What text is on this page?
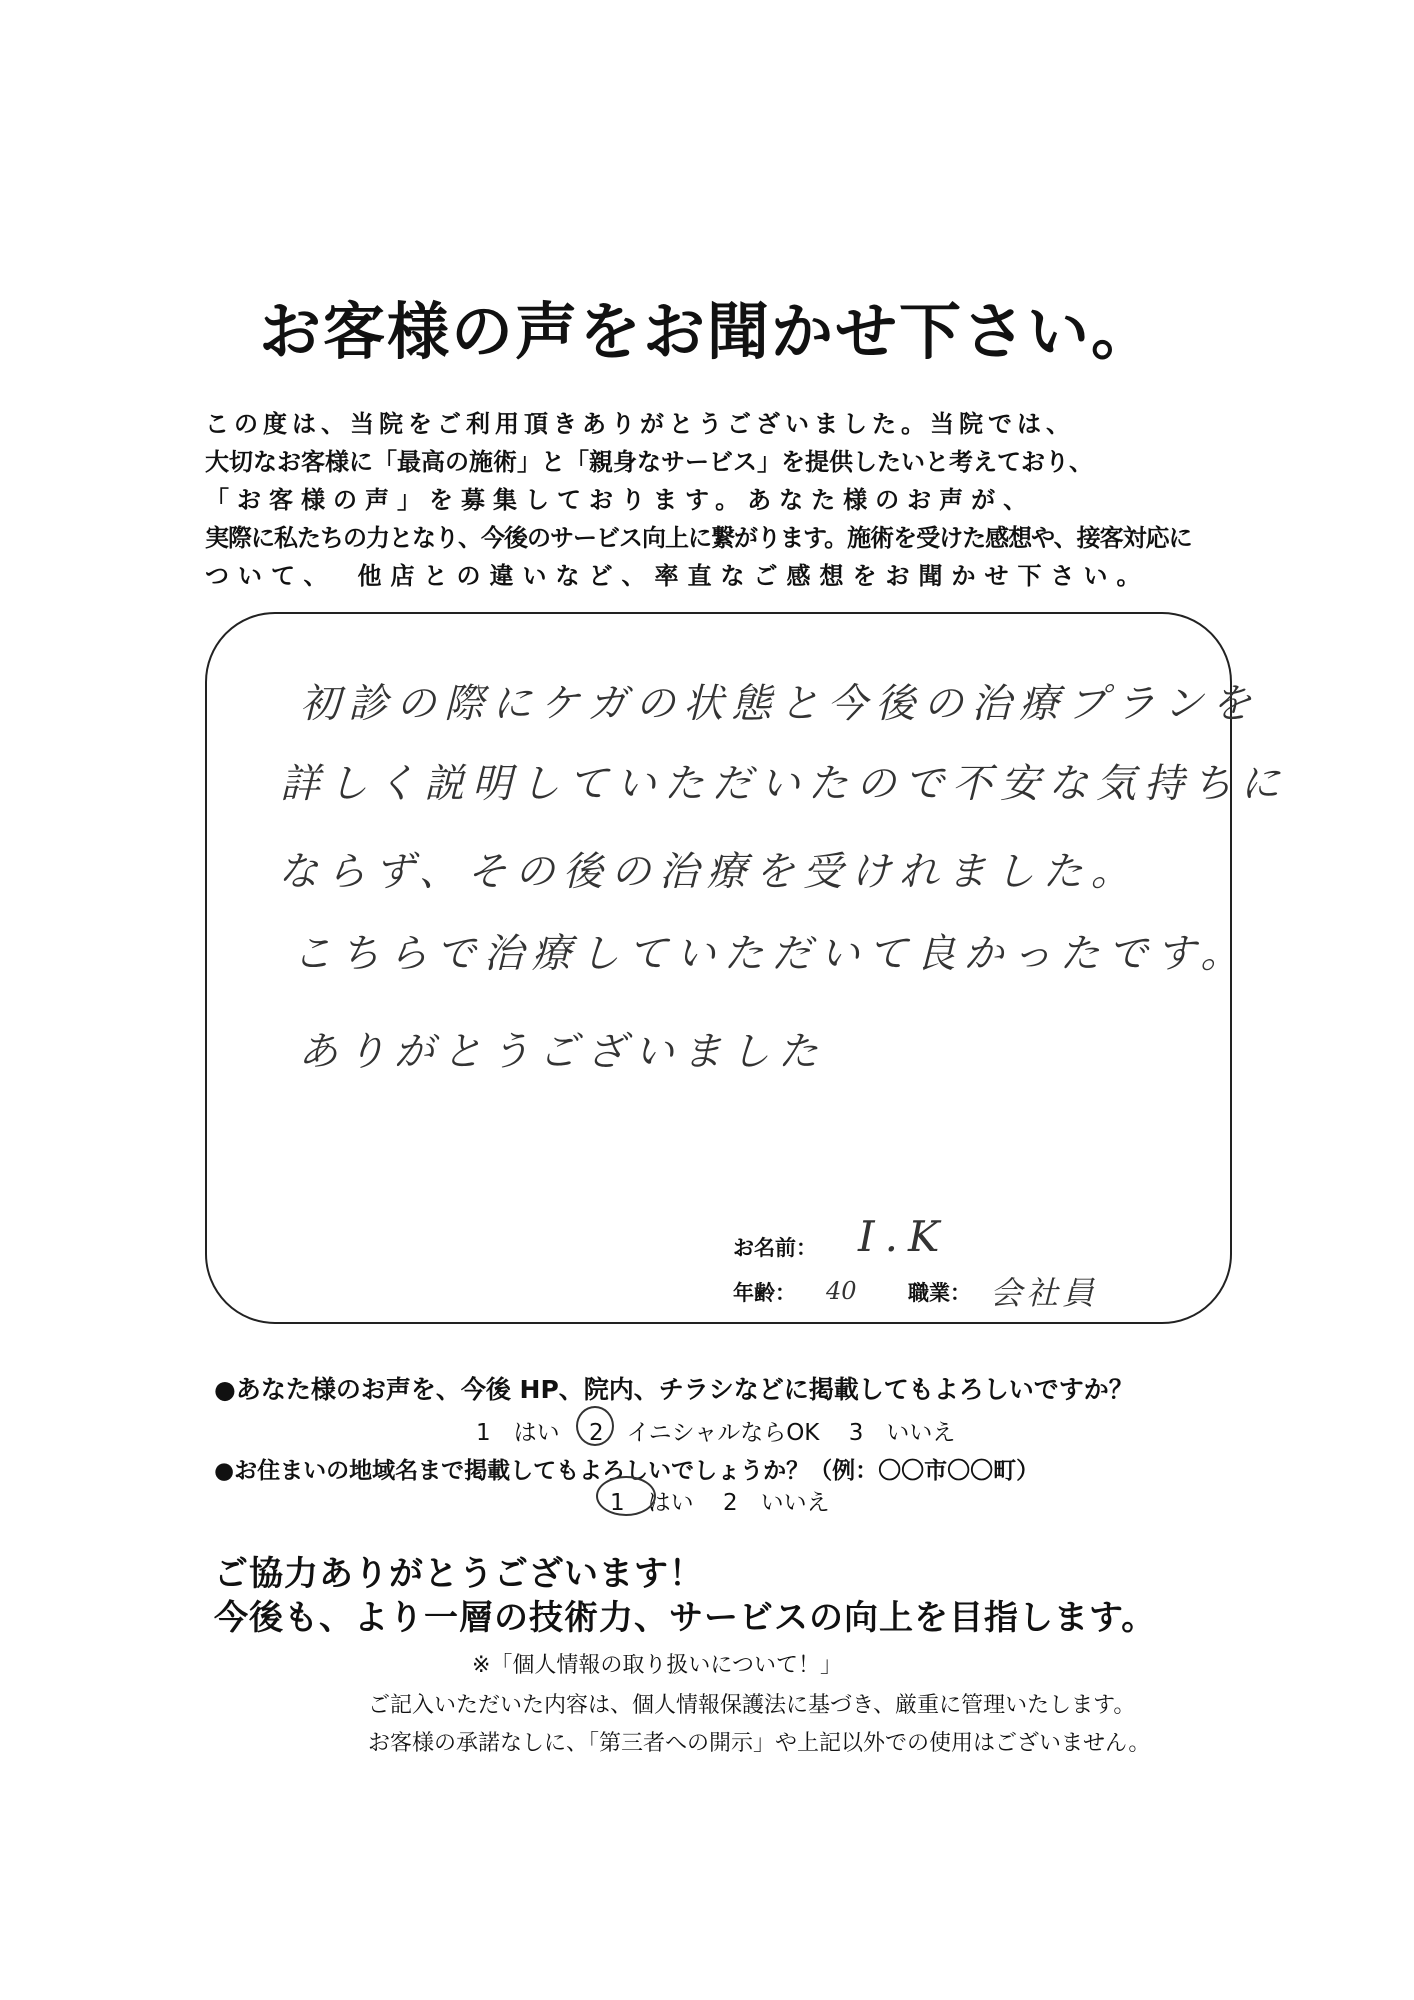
お客様の声をお聞かせ下さい。
この度は、当院をご利用頂きありがとうございました。当院では、
大切なお客様に「最高の施術」と「親身なサービス」を提供したいと考えており、
「お客様の声」を募集しております。あなた様のお声が、
実際に私たちの力となり、今後のサービス向上に繋がります。施術を受けた感想や、接客対応に
ついて、　他店との違いなど、率直なご感想をお聞かせ下さい。
初診の際にケガの状態と今後の治療プランを
詳しく説明していただいたので不安な気持ちに
ならず、その後の治療を受けれました。
こちらで治療していただいて良かったです。
ありがとうございました
お名前： I.K
年齢： 40 職業： 会社員
●あなた様のお声を、今後 HP、院内、チラシなどに掲載してもよろしいですか？
1　はい 2　イニシャルならOK 3　いいえ
●お住まいの地域名まで掲載してもよろしいでしょうか？（例：〇〇市〇〇町）
1　はい 2　いいえ
ご協力ありがとうございます！
今後も、より一層の技術力、サービスの向上を目指します。
※「個人情報の取り扱いについて！」
ご記入いただいた内容は、個人情報保護法に基づき、厳重に管理いたします。
お客様の承諾なしに、「第三者への開示」や上記以外での使用はございません。
